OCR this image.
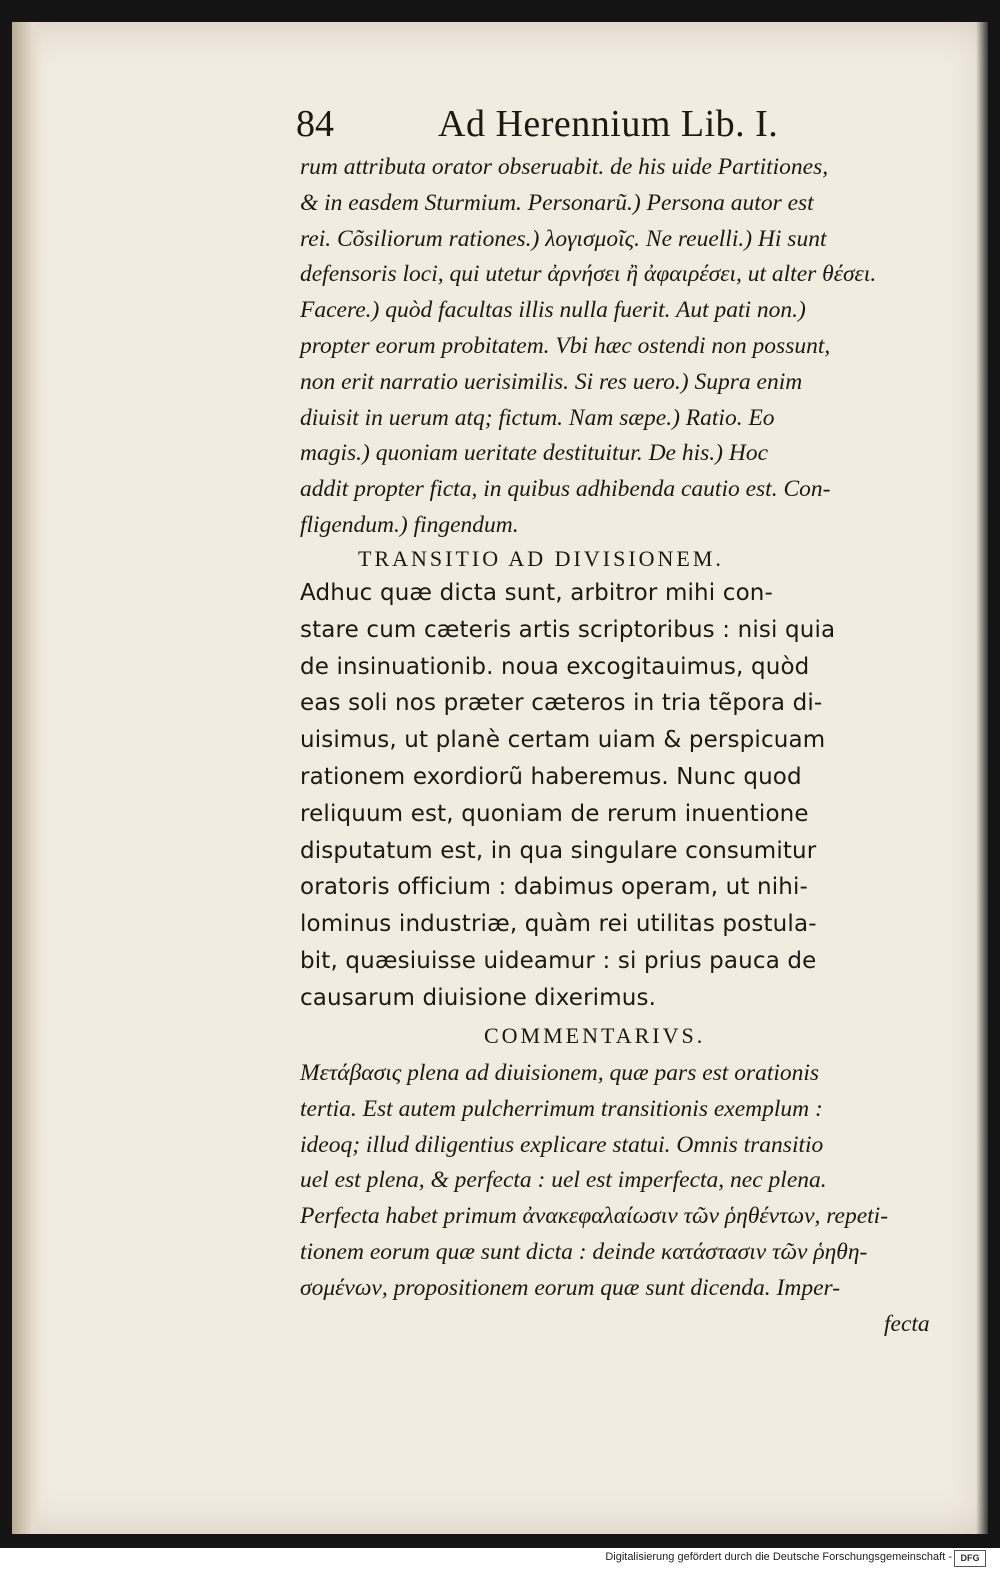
84	Ad Herennium Lib. I.
rum attributa orator obseruabit. de his uide Partitiones,
& in easdem Sturmium. Personarũ.) Persona autor est
rei. Cõsiliorum rationes.) λογισμοῖς. Ne reuelli.) Hi sunt
defensoris loci, qui utetur ἀρνήσει ἢ ἀφαιρέσει, ut alter θέσει.
Facere.) quòd facultas illis nulla fuerit. Aut pati non.)
propter eorum probitatem. Vbi hæc ostendi non possunt,
non erit narratio uerisimilis. Si res uero.) Supra enim
diuisit in uerum atq; fictum. Nam sæpe.) Ratio. Eo
magis.) quoniam ueritate destituitur. De his.) Hoc
addit propter ficta, in quibus adhibenda cautio est. Con-
fligendum.) fingendum.
TRANSITIO AD DIVISIONEM.
Adhuc quæ dicta sunt, arbitror mihi con-
stare cum cæteris artis scriptoribus : nisi quia
de insinuationib. noua excogitauimus, quòd
eas soli nos præter cæteros in tria tẽpora di-
uisimus, ut planè certam uiam & perspicuam
rationem exordiorũ haberemus. Nunc quod
reliquum est, quoniam de rerum inuentione
disputatum est, in qua singulare consumitur
oratoris officium : dabimus operam, ut nihi-
lominus industriæ, quàm rei utilitas postula-
bit, quæsiuisse uideamur : si prius pauca de
causarum diuisione dixerimus.
COMMENTARIVS.
Μετάβασις plena ad diuisionem, quæ pars est orationis
tertia. Est autem pulcherrimum transitionis exemplum :
ideoq; illud diligentius explicare statui. Omnis transitio
uel est plena, & perfecta : uel est imperfecta, nec plena.
Perfecta habet primum ἀνακεφαλαίωσιν τῶν ῥηθέντων, repeti-
tionem eorum quæ sunt dicta : deinde κατάστασιν τῶν ῥηθη-
σομένων, propositionem eorum quæ sunt dicenda. Imper-
fecta
Digitalisierung gefördert durch die Deutsche Forschungsgemeinschaft - DFG
